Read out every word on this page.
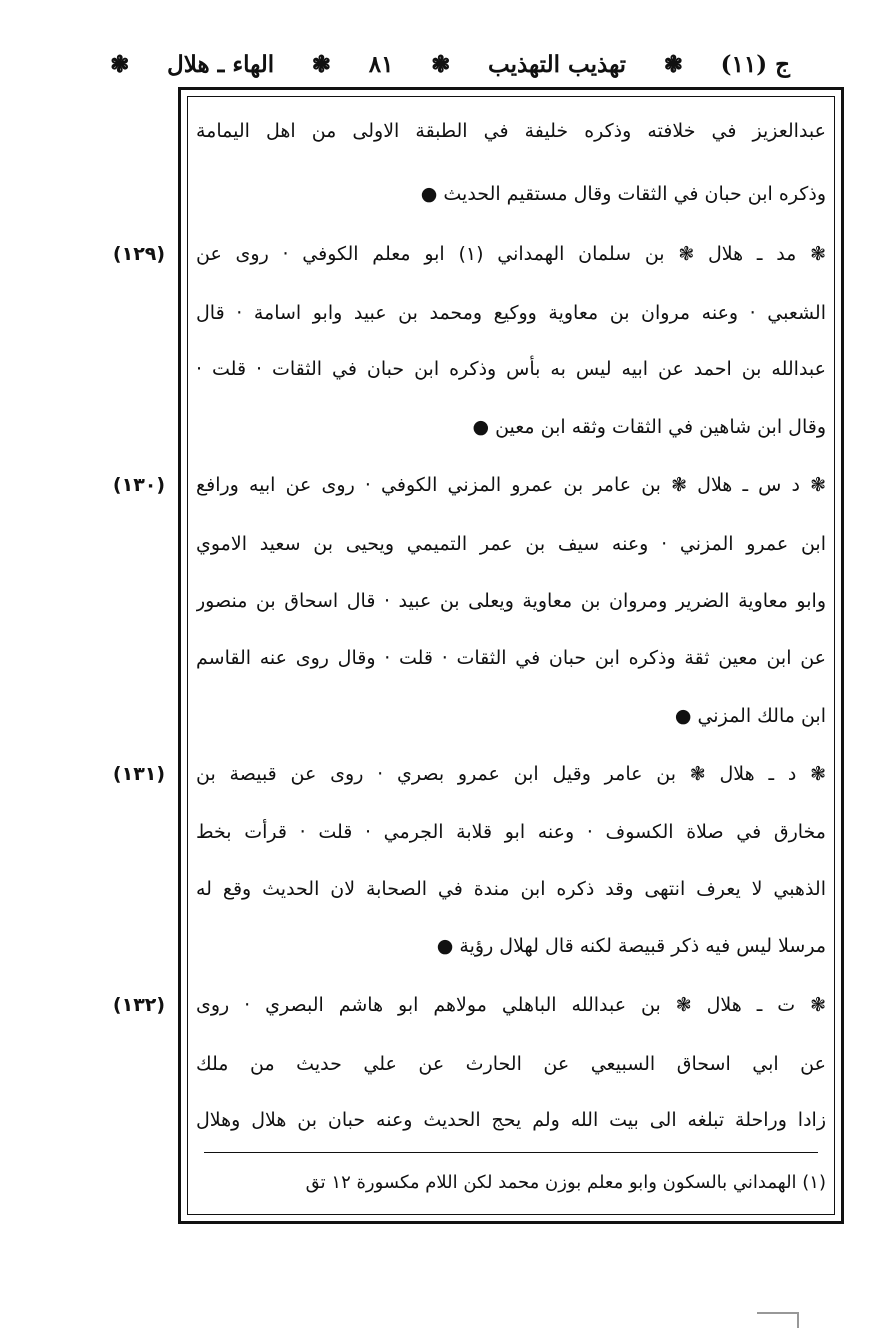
ج (١١)
❃
تهذيب التهذيب
❃
٨١
❃
الهاء ـ هلال
❃
عبدالعزيز في خلافته وذكره خليفة في الطبقة الاولى من اهل اليمامة
وذكره ابن حبان في الثقات وقال مستقيم الحديث ●
❃ مد ـ هلال ❃ بن سلمان الهمداني (١) ابو معلم الكوفي · روى عن
الشعبي · وعنه مروان بن معاوية ووكيع ومحمد بن عبيد وابو اسامة · قال
عبدالله بن احمد عن ابيه ليس به بأس وذكره ابن حبان في الثقات · قلت ·
وقال ابن شاهين في الثقات وثقه ابن معين ●
❃ د س ـ هلال ❃ بن عامر بن عمرو المزني الكوفي · روى عن ابيه ورافع
ابن عمرو المزني · وعنه سيف بن عمر التميمي ويحيى بن سعيد الاموي
وابو معاوية الضرير ومروان بن معاوية ويعلى بن عبيد · قال اسحاق بن منصور
عن ابن معين ثقة وذكره ابن حبان في الثقات · قلت · وقال روى عنه القاسم
ابن مالك المزني ●
❃ د ـ هلال ❃ بن عامر وقيل ابن عمرو بصري · روى عن قبيصة بن
مخارق في صلاة الكسوف · وعنه ابو قلابة الجرمي · قلت · قرأت بخط
الذهبي لا يعرف انتهى وقد ذكره ابن مندة في الصحابة لان الحديث وقع له
مرسلا ليس فيه ذكر قبيصة لكنه قال لهلال رؤية ●
❃ ت ـ هلال ❃ بن عبدالله الباهلي مولاهم ابو هاشم البصري · روى
عن ابي اسحاق السبيعي عن الحارث عن علي حديث من ملك
زادا وراحلة تبلغه الى بيت الله ولم يحج الحديث وعنه حبان بن هلال وهلال
(١٢٩)
(١٣٠)
(١٣١)
(١٣٢)
(١) الهمداني بالسكون وابو معلم بوزن محمد لكن اللام مكسورة ١٢ تق
